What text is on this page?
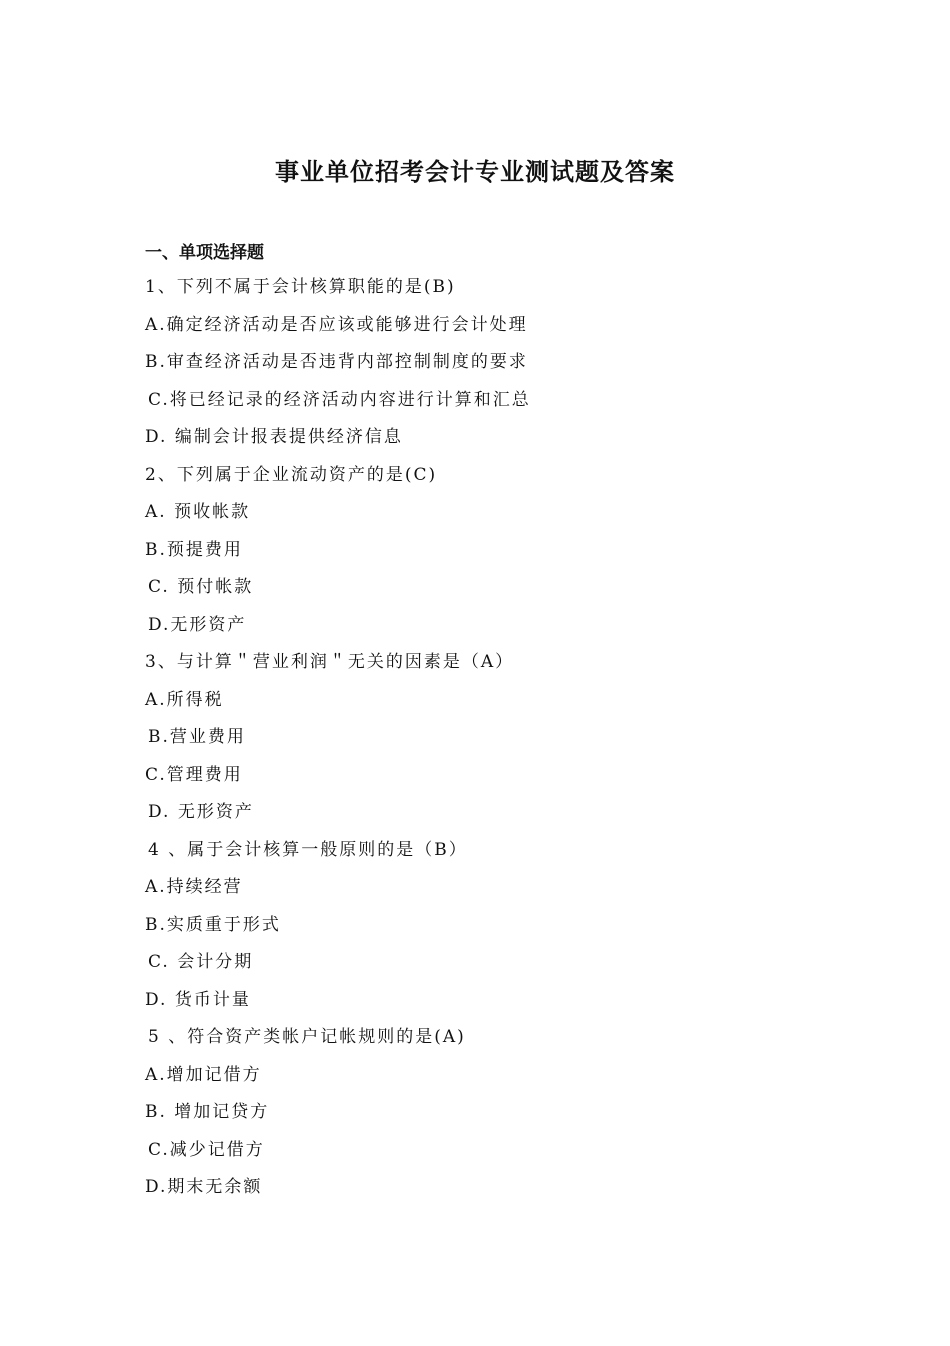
事业单位招考会计专业测试题及答案
一、单项选择题
1、下列不属于会计核算职能的是(B)
A.确定经济活动是否应该或能够进行会计处理
B.审查经济活动是否违背内部控制制度的要求
C.将已经记录的经济活动内容进行计算和汇总
D. 编制会计报表提供经济信息
2、下列属于企业流动资产的是(C)
A. 预收帐款
B.预提费用
C. 预付帐款
D.无形资产
3、与计算＂营业利润＂无关的因素是（A）
A.所得税
B.营业费用
C.管理费用
D. 无形资产
4 、属于会计核算一般原则的是（B）
A.持续经营
B.实质重于形式
C. 会计分期
D. 货币计量
5 、符合资产类帐户记帐规则的是(A)
A.增加记借方
B. 增加记贷方
C.减少记借方
D.期末无余额
